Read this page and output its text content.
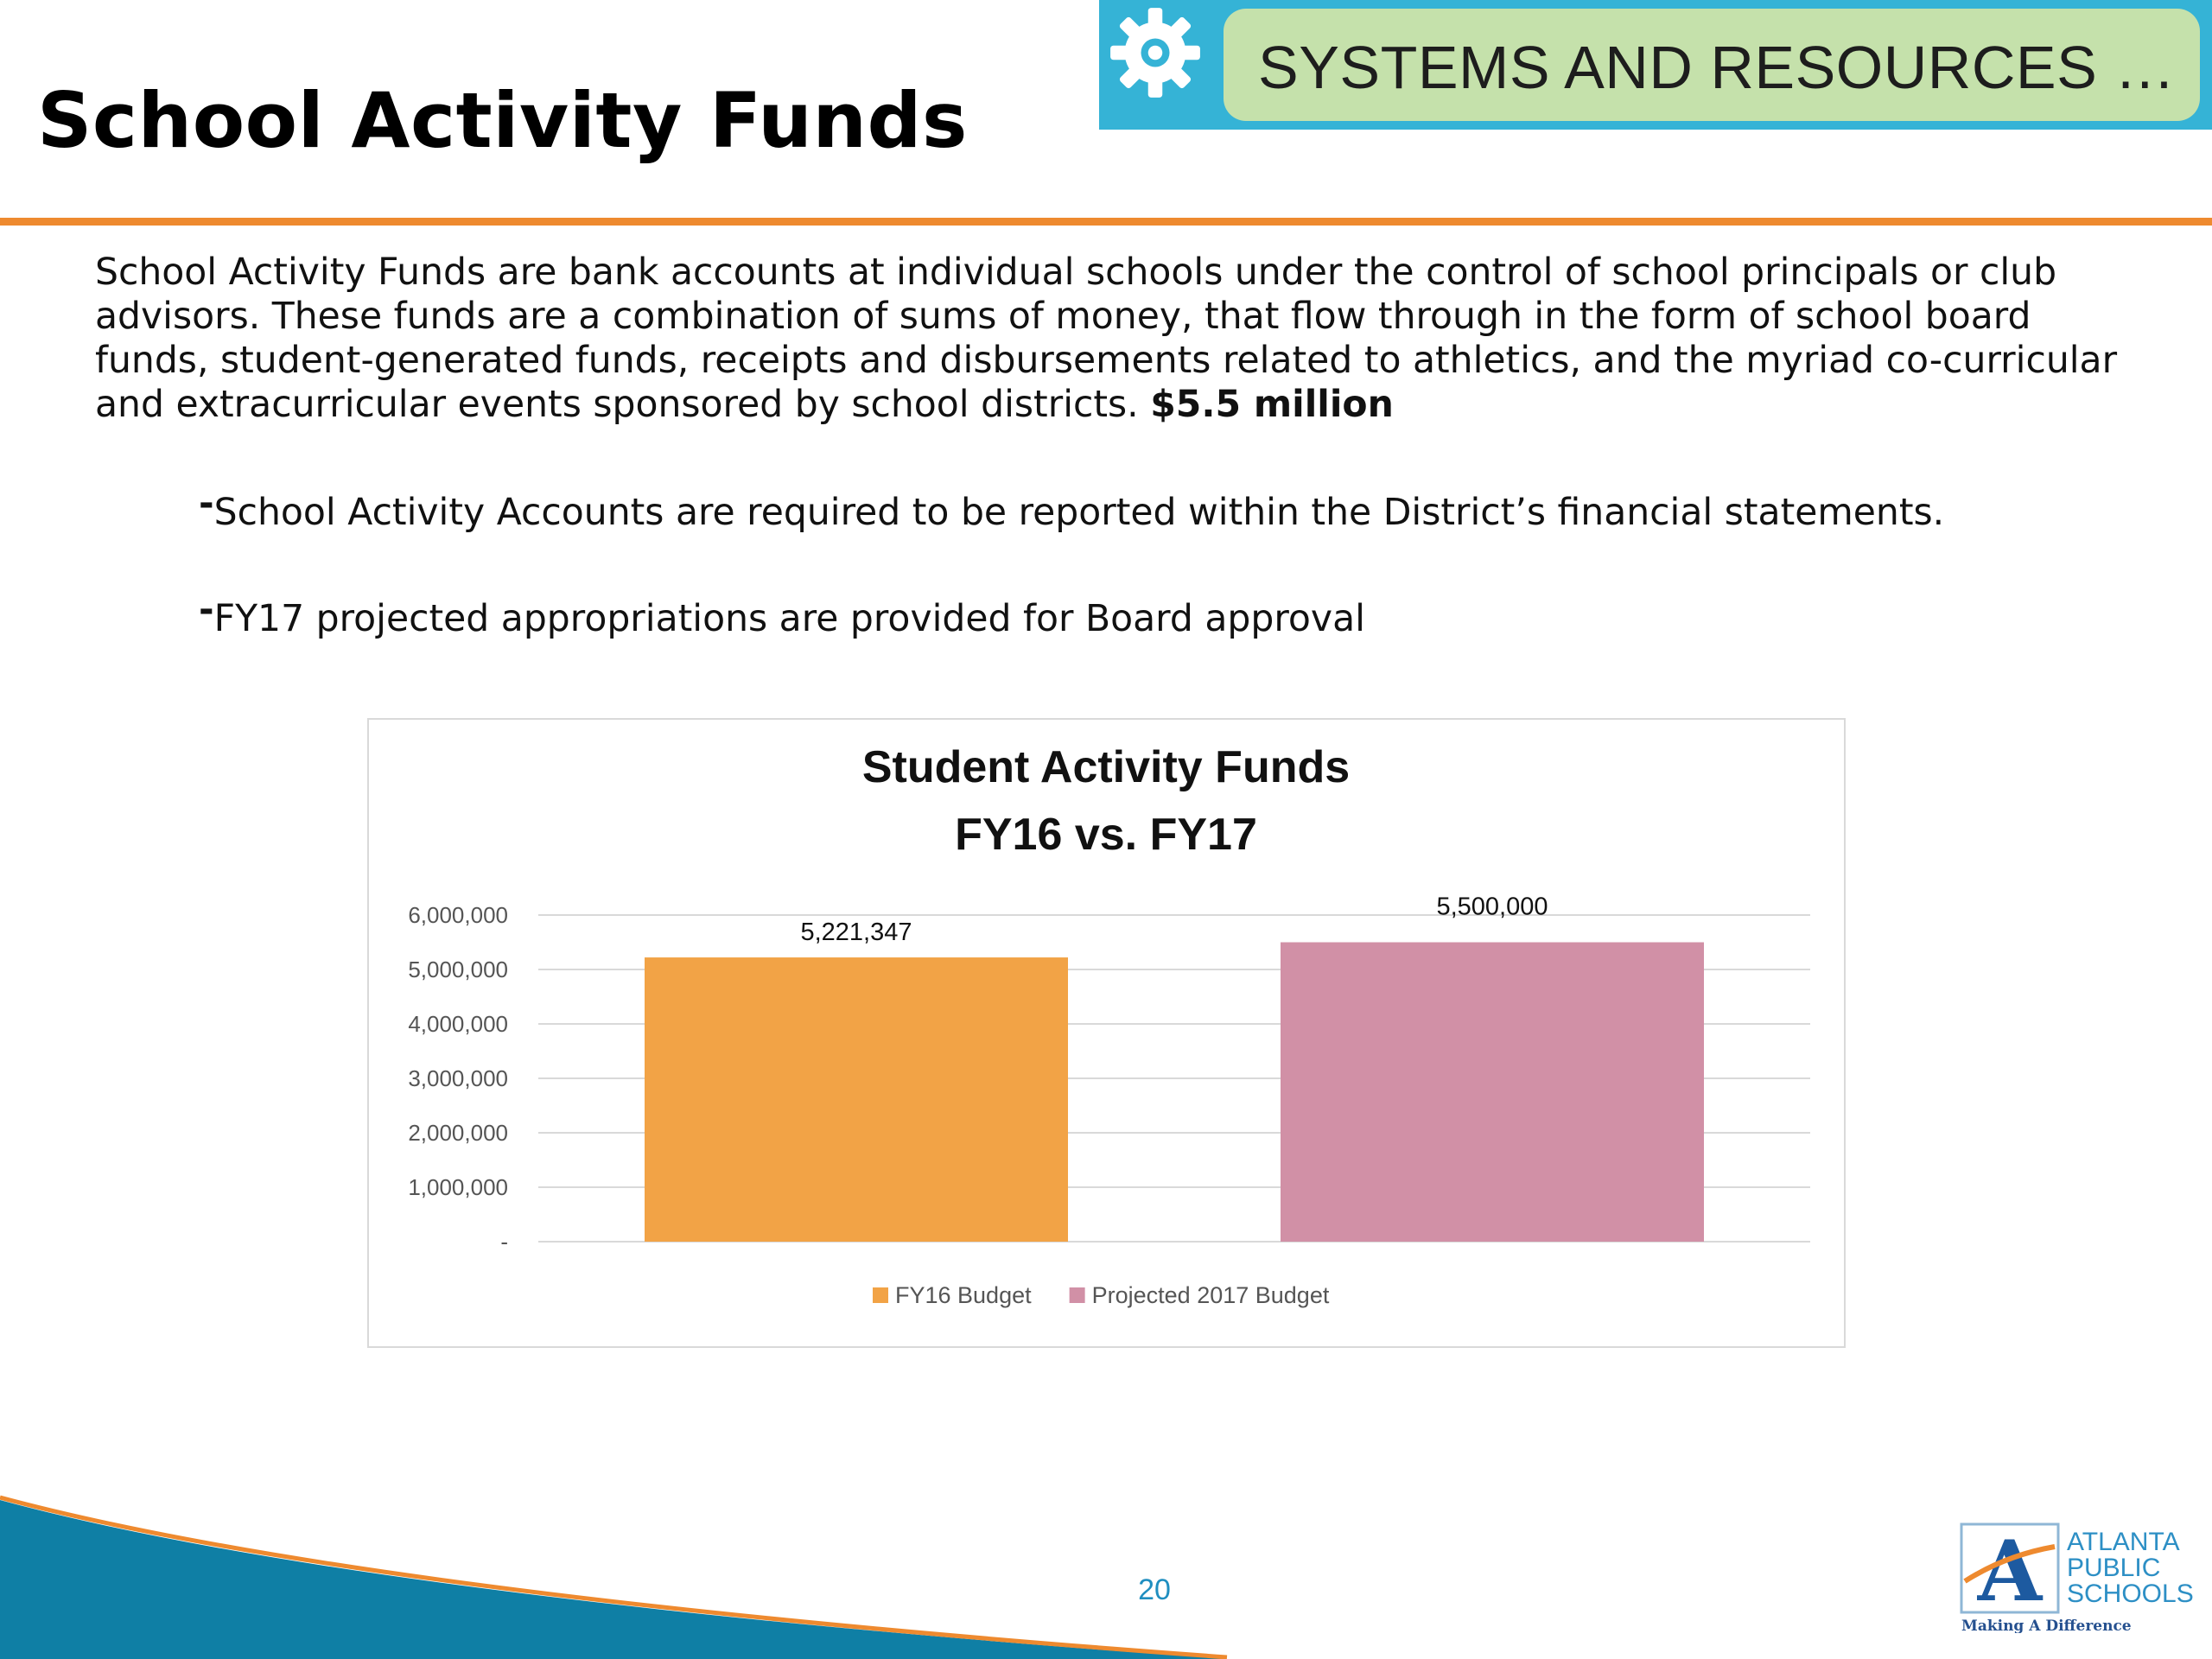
School Activity Funds
SYSTEMS AND RESOURCES …

School Activity Funds are bank accounts at individual schools under the control of school principals or club advisors. These funds are a combination of sums of money, that flow through in the form of school board funds, student-generated funds, receipts and disbursements related to athletics, and the myriad co-curricular and extracurricular events sponsored by school districts. $5.5 million

-School Activity Accounts are required to be reported within the District’s financial statements.
-FY17 projected appropriations are provided for Board approval
Student Activity Funds
FY16 vs. FY17
-
1,000,000
2,000,000
3,000,000
4,000,000
5,000,000
6,000,000
5,221,347
5,500,000
FY16 Budget	Projected 2017 Budget
20	A ATLANTA
PUBLIC
SCHOOLS
Making A Difference
